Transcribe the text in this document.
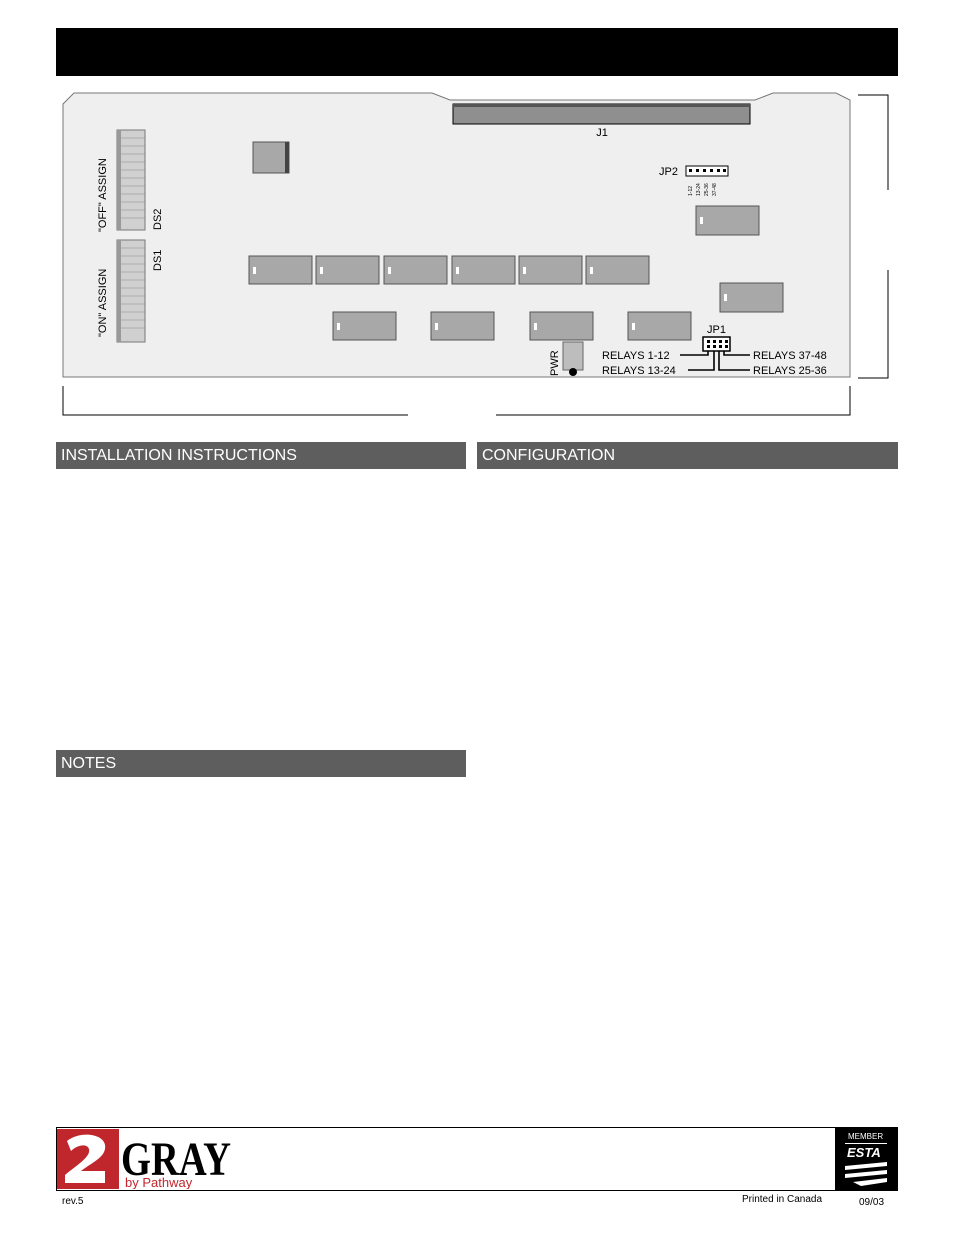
J1
"OFF" ASSIGN	DS2
DS1
"ON" ASSIGN
JP2
1-12 13-24 25-36 37-48
JP1
RELAYS 1-12
RELAYS 13-24
RELAYS 37-48
RELAYS 25-36
PWR
INSTALLATION INSTRUCTIONS	CONFIGURATION
NOTES
GRAY
by Pathway
MEMBER
ESTA
rev.5	Printed in Canada	09/03
